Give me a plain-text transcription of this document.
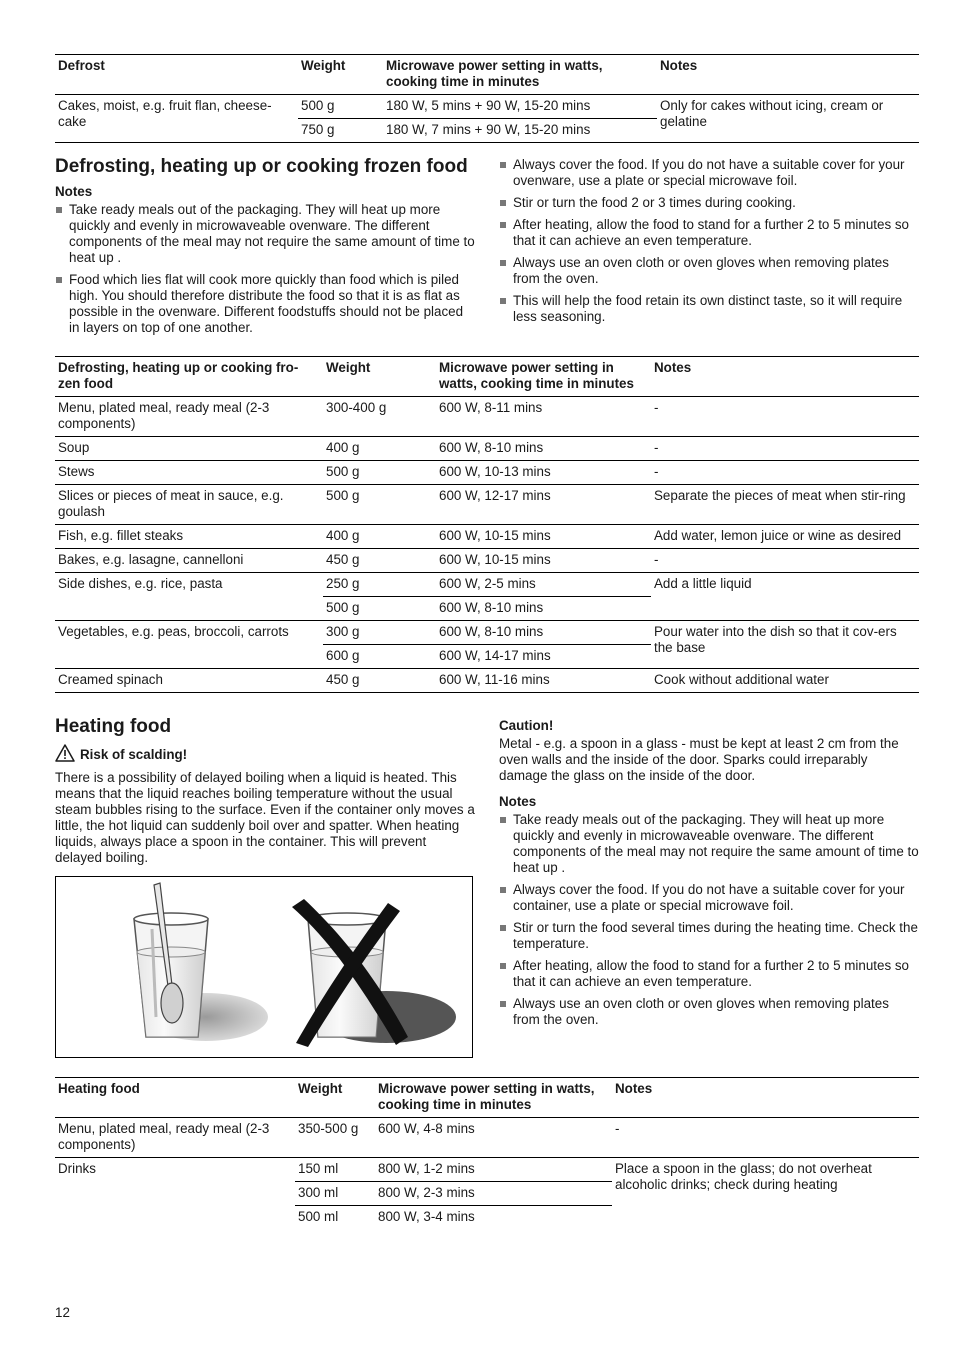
Defrost	Weight	Microwave power setting in watts, cooking time in minutes	Notes
Cakes, moist, e.g. fruit flan, cheese-cake	500 g	180 W, 5 mins + 90 W, 15-20 mins	Only for cakes without icing, cream or gelatine
	750 g	180 W, 7 mins + 90 W, 15-20 mins	
Defrosting, heating up or cooking frozen food
Notes
Take ready meals out of the packaging. They will heat up more quickly and evenly in microwaveable ovenware. The different components of the meal may not require the same amount of time to heat up .
Food which lies flat will cook more quickly than food which is piled high. You should therefore distribute the food so that it is as flat as possible in the ovenware. Different foodstuffs should not be placed in layers on top of one another.
Always cover the food. If you do not have a suitable cover for your ovenware, use a plate or special microwave foil.
Stir or turn the food 2 or 3 times during cooking.
After heating, allow the food to stand for a further 2 to 5 minutes so that it can achieve an even temperature.
Always use an oven cloth or oven gloves when removing plates from the oven.
This will help the food retain its own distinct taste, so it will require less seasoning.
Defrosting, heating up or cooking fro-zen food	Weight	Microwave power setting in watts, cooking time in minutes	Notes
Menu, plated meal, ready meal (2-3 components)	300-400 g	600 W, 8-11 mins	-
Soup	400 g	600 W, 8-10 mins	-
Stews	500 g	600 W, 10-13 mins	-
Slices or pieces of meat in sauce, e.g. goulash	500 g	600 W, 12-17 mins	Separate the pieces of meat when stir-ring
Fish, e.g. fillet steaks	400 g	600 W, 10-15 mins	Add water, lemon juice or wine as desired
Bakes, e.g. lasagne, cannelloni	450 g	600 W, 10-15 mins	-
Side dishes, e.g. rice, pasta	250 g	600 W, 2-5 mins	Add a little liquid
	500 g	600 W, 8-10 mins	
Vegetables, e.g. peas, broccoli, carrots	300 g	600 W, 8-10 mins	Pour water into the dish so that it cov-ers the base
	600 g	600 W, 14-17 mins	
Creamed spinach	450 g	600 W, 11-16 mins	Cook without additional water
Heating food
Risk of scalding!

There is a possibility of delayed boiling when a liquid is heated. This means that the liquid reaches boiling temperature without the usual steam bubbles rising to the surface. Even if the container only moves a little, the hot liquid can suddenly boil over and spatter. When heating liquids, always place a spoon in the container. This will prevent delayed boiling.

Caution!

Metal - e.g. a spoon in a glass - must be kept at least 2 cm from the oven walls and the inside of the door. Sparks could irreparably damage the glass on the inside of the door.

Notes
Take ready meals out of the packaging. They will heat up more quickly and evenly in microwaveable ovenware. The different components of the meal may not require the same amount of time to heat up .
Always cover the food. If you do not have a suitable cover for your container, use a plate or special microwave foil.
Stir or turn the food several times during the heating time. Check the temperature.
After heating, allow the food to stand for a further 2 to 5 minutes so that it can achieve an even temperature.
Always use an oven cloth or oven gloves when removing plates from the oven.
Heating food	Weight	Microwave power setting in watts, cooking time in minutes	Notes
Menu, plated meal, ready meal (2-3 components)	350-500 g	600 W, 4-8 mins	-
Drinks	150 ml	800 W, 1-2 mins	Place a spoon in the glass; do not overheat alcoholic drinks; check during heating
	300 ml	800 W, 2-3 mins	
	500 ml	800 W, 3-4 mins	
12
